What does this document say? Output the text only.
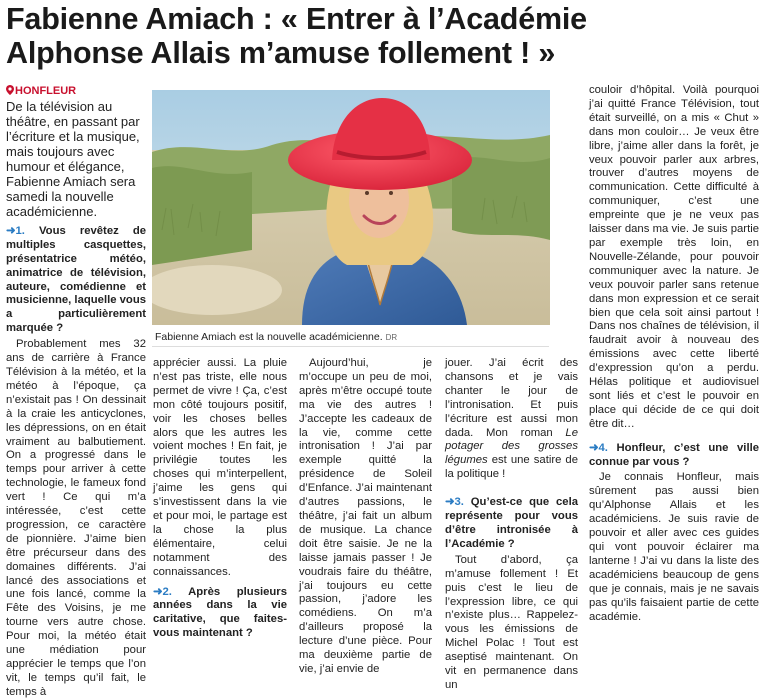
Fabienne Amiach : « Entrer à l’Académie
Alphonse Allais m’amuse follement ! »
HONFLEUR
De la télévision au théâtre, en passant par l’écriture et la musique, mais toujours avec humour et élégance, Fabienne Amiach sera samedi la nouvelle académicienne.

➜1. Vous revêtez de multiples casquettes, présentatrice météo, animatrice de télévision, auteure, comédienne et musicienne, laquelle vous a particulièrement marquée ?

Probablement mes 32 ans de carrière à France Télévision à la météo, et la météo à l’époque, ça n’existait pas ! On dessinait à la craie les anticyclones, les dépressions, on en était vraiment au balbutiement. On a progressé dans le temps pour arriver à cette technologie, le fameux fond vert ! Ce qui m’a intéressée, c’est cette progression, ce caractère de pionnière. J’aime bien être précurseur dans des domaines différents. J’ai lancé des associations et une fois lancé, comme la Fête des Voisins, je me tourne vers autre chose. Pour moi, la météo était une médiation pour apprécier le temps que l’on vit, le temps qu’il fait, le temps à

Fabienne Amiach est la nouvelle académicienne. DR

apprécier aussi. La pluie n’est pas triste, elle nous permet de vivre ! Ça, c’est mon côté toujours positif, voir les choses belles alors que les autres les voient moches ! En fait, je privilégie toutes les choses qui m’interpellent, j’aime les gens qui s’investissent dans la vie et pour moi, le partage est la chose la plus élémentaire, celui notamment des connaissances.

➜2. Après plusieurs années dans la vie caritative, que faites-vous maintenant ?

Aujourd’hui, je m’occupe un peu de moi, après m’être occupé toute ma vie des autres ! J’accepte les cadeaux de la vie, comme cette intronisation ! J’ai par exemple quitté la présidence de Soleil d’Enfance. J’ai maintenant d’autres passions, le théâtre, j’ai fait un album de musique. La chance doit être saisie. Je ne la laisse jamais passer ! Je voudrais faire du théâtre, j’ai toujours eu cette passion, j’adore les comédiens. On m’a d’ailleurs proposé la lecture d’une pièce. Pour ma deuxième partie de vie, j’ai envie de

jouer. J’ai écrit des chansons et je vais chanter le jour de l’intronisation. Et puis l’écriture est aussi mon dada. Mon roman Le potager des grosses légumes est une satire de la politique !

➜3. Qu’est-ce que cela représente pour vous d’être intronisée à l’Académie ?

Tout d’abord, ça m’amuse follement ! Et puis c’est le lieu de l’expression libre, ce qui n’existe plus… Rappelez-vous les émissions de Michel Polac ! Tout est aseptisé maintenant. On vit en permanence dans un

couloir d’hôpital. Voilà pourquoi j’ai quitté France Télévision, tout était surveillé, on a mis « Chut » dans mon couloir… Je veux être libre, j’aime aller dans la forêt, je veux pouvoir parler aux arbres, trouver d’autres moyens de communication. Cette difficulté à communiquer, c’est une empreinte que je ne veux pas laisser dans ma vie. Je suis partie par exemple très loin, en Nouvelle-Zélande, pour pouvoir communiquer avec la nature. Je veux pouvoir parler sans retenue dans mon expression et ce serait bien que cela soit ainsi partout ! Dans nos chaînes de télévision, il faudrait avoir à nouveau des émissions avec cette liberté d’expression qu’on a perdu. Hélas politique et audiovisuel sont liés et c’est le pouvoir en place qui décide de ce qui doit être dit…

➜4. Honfleur, c’est une ville connue par vous ?

Je connais Honfleur, mais sûrement pas aussi bien qu’Alphonse Allais et les académiciens. Je suis ravie de pouvoir et aller avec ces guides qui vont pouvoir éclairer ma lanterne ! J’ai vu dans la liste des académiciens beaucoup de gens que je connais, mais je ne savais pas qu’ils faisaient partie de cette académie.
